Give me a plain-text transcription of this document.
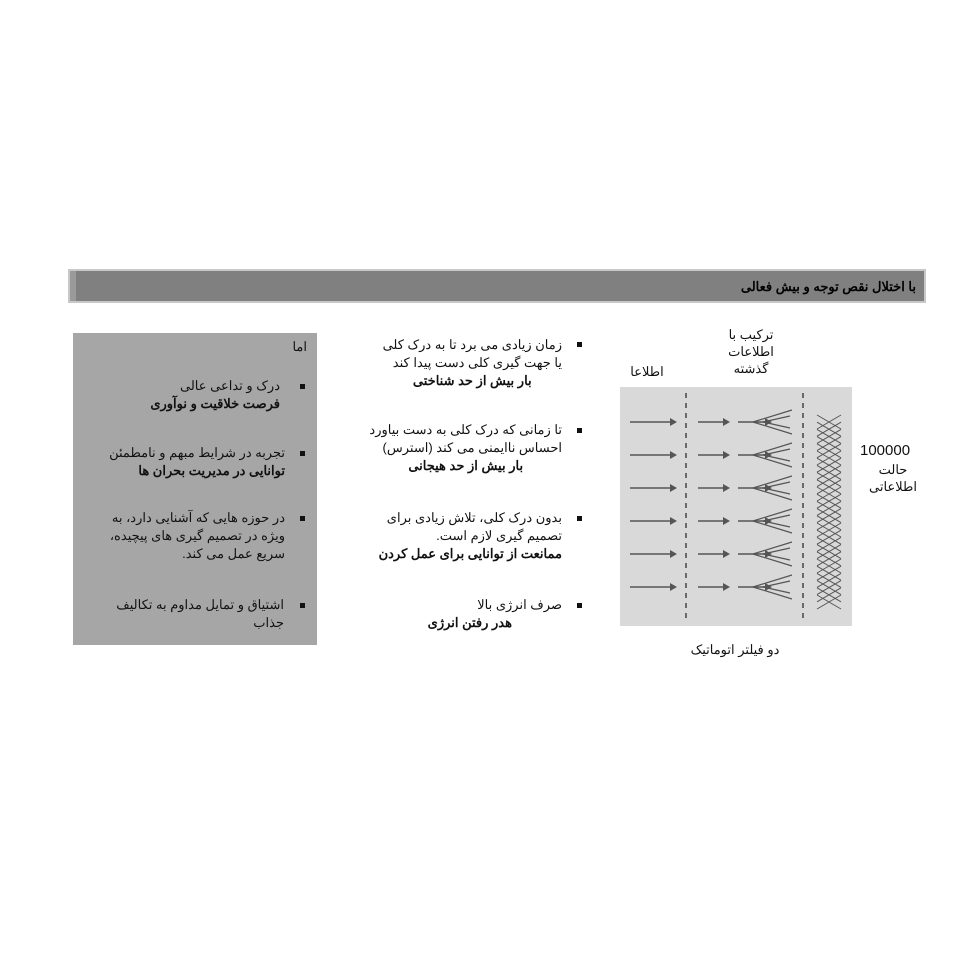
با اختلال نقص توجه و بیش فعالی
اما
درک و تداعی عالی
فرصت خلاقیت و نوآوری
تجربه در شرایط مبهم و نامطمئن
توانایی در مدیریت بحران ها
در حوزه هایی که آشنایی دارد، به
ویژه در تصمیم گیری های پیچیده،
سریع عمل می کند.
اشتیاق و تمایل مداوم به تکالیف
جذاب
زمان زیادی می برد تا به درک کلی
یا جهت گیری کلی دست پیدا کند
بار بیش از حد شناختی
تا زمانی که درک کلی به دست بیاورد
احساس ناایمنی می کند (استرس)
بار بیش از حد هیجانی
بدون درک کلی، تلاش زیادی برای
تصمیم گیری لازم است.
ممانعت از توانایی برای عمل کردن
صرف انرژی بالا
هدر رفتن انرژی
ترکیب با
اطلاعات
گذشته
اطلاعا
100000
حالت
اطلاعاتی
دو فیلتر اتوماتیک
